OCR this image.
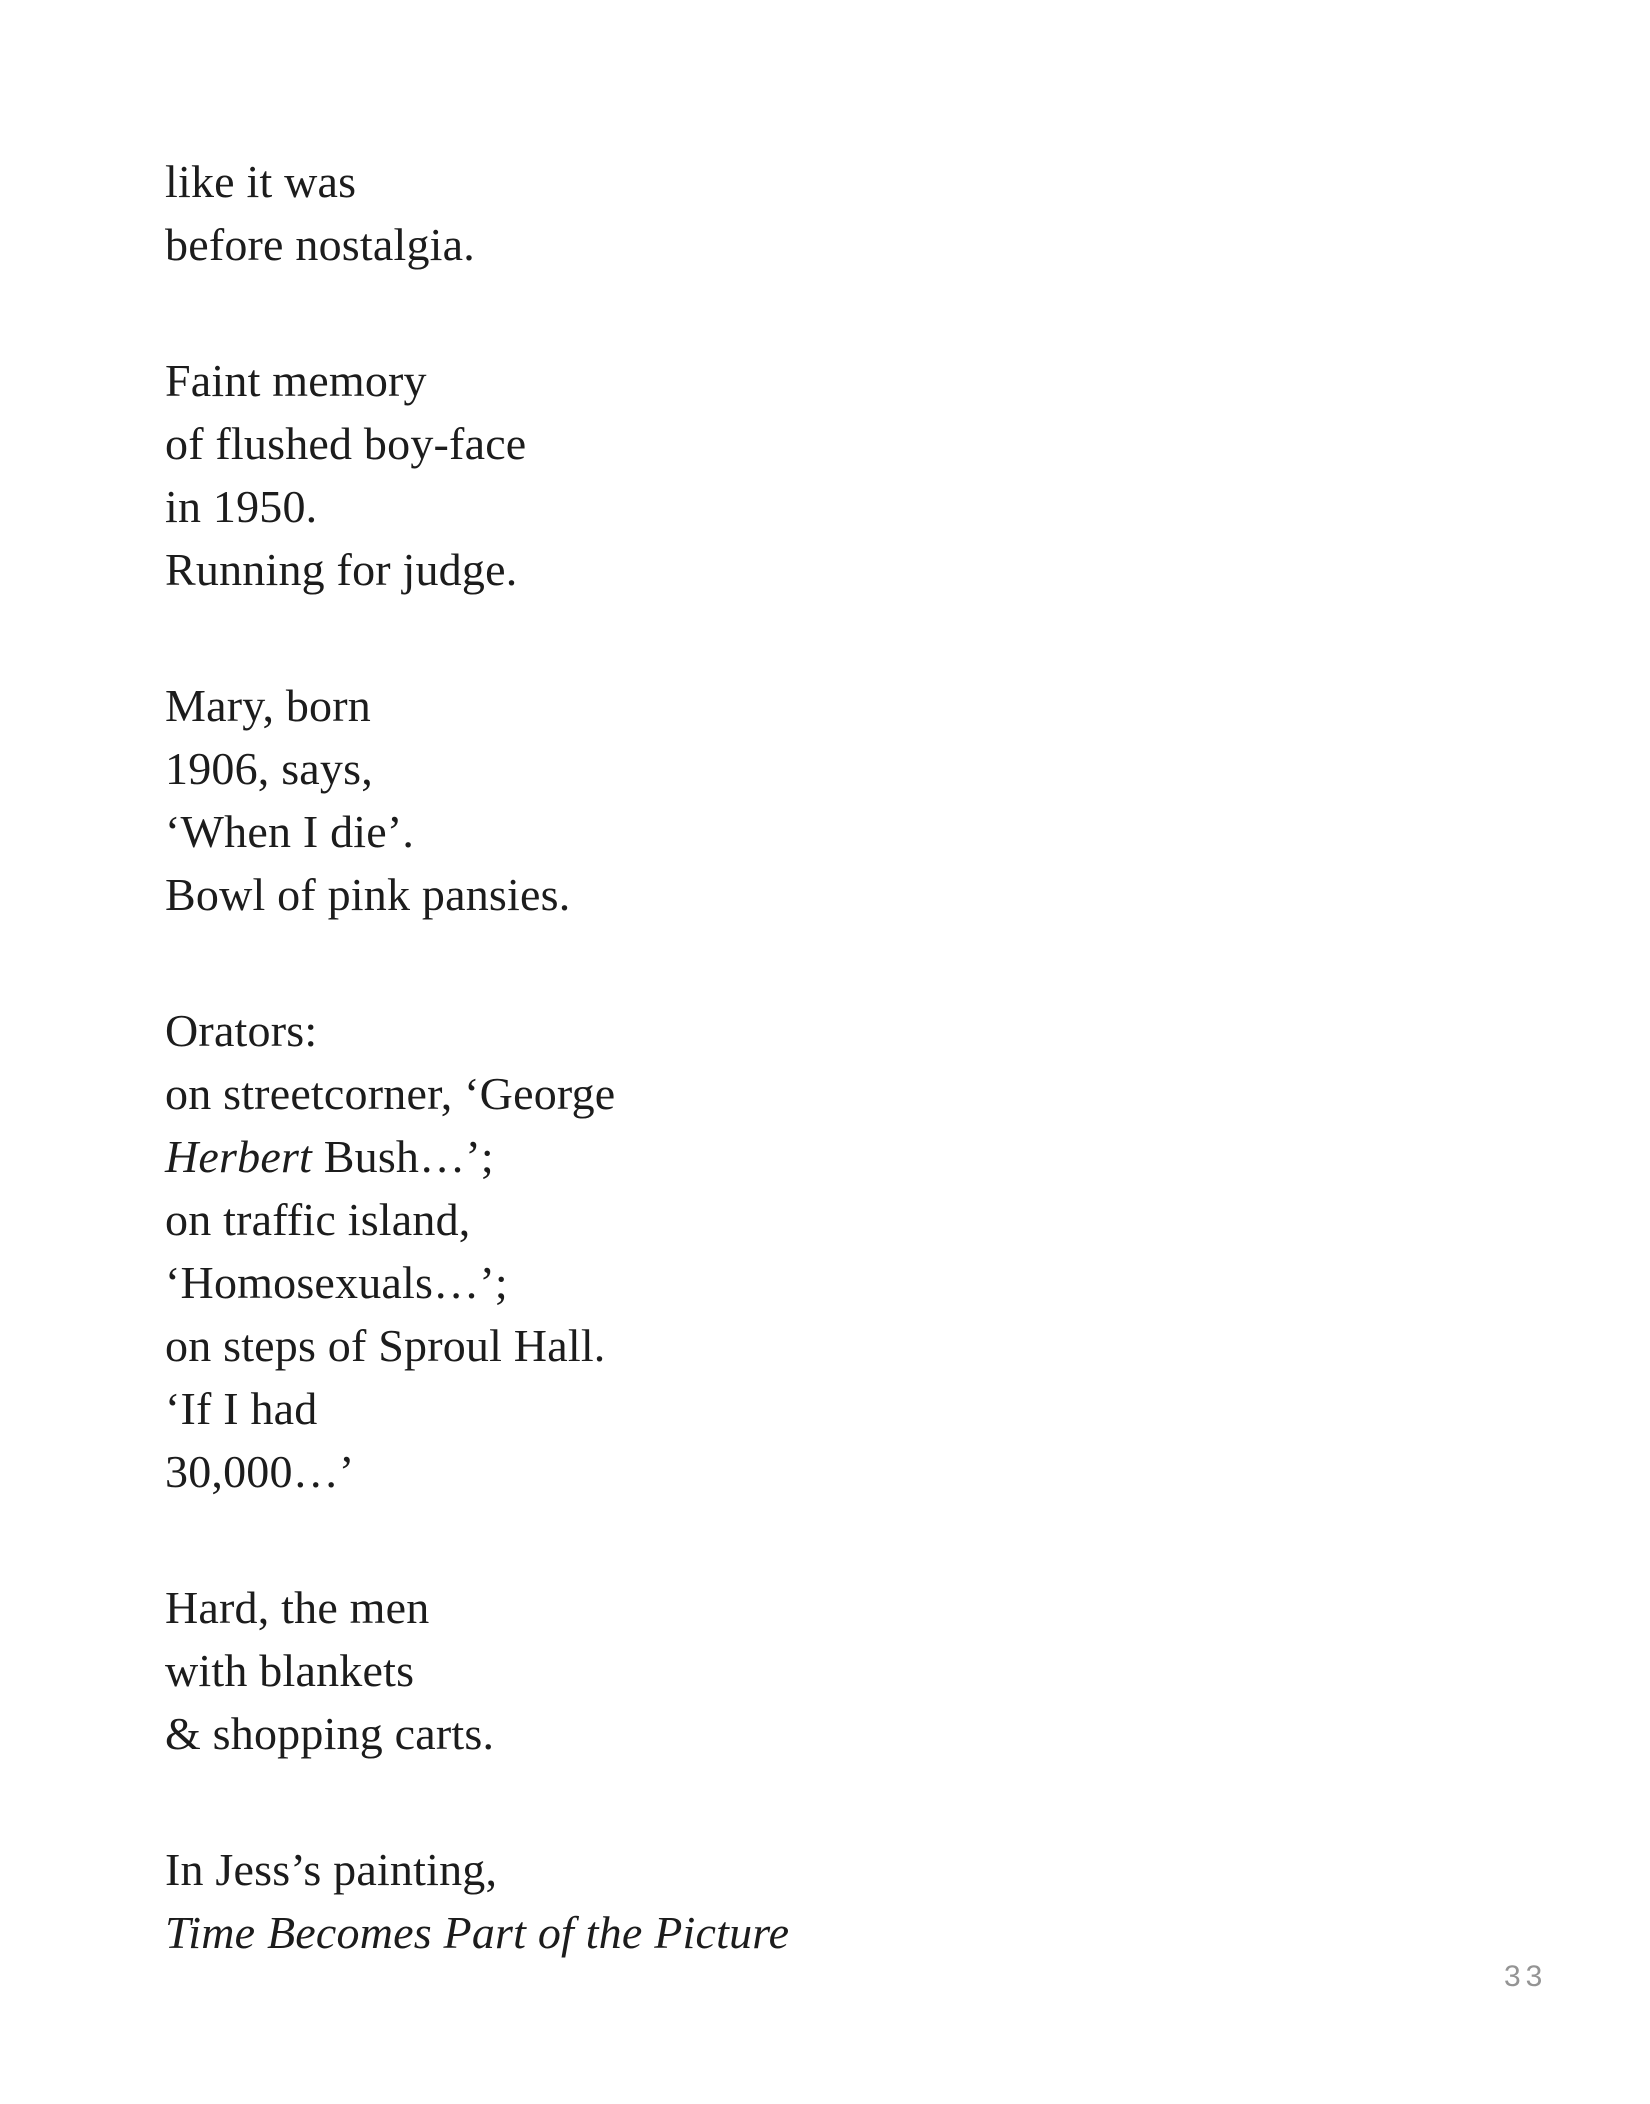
like it was
before nostalgia.
Faint memory
of flushed boy-face
in 1950.
Running for judge.
Mary, born
1906, says,
‘When I die’.
Bowl of pink pansies.
Orators:
on streetcorner, ‘George
Herbert Bush…’;
on traffic island,
‘Homosexuals…’;
on steps of Sproul Hall.
‘If I had
30,000…’
Hard, the men
with blankets
& shopping carts.
In Jess’s painting,
Time Becomes Part of the Picture
33
